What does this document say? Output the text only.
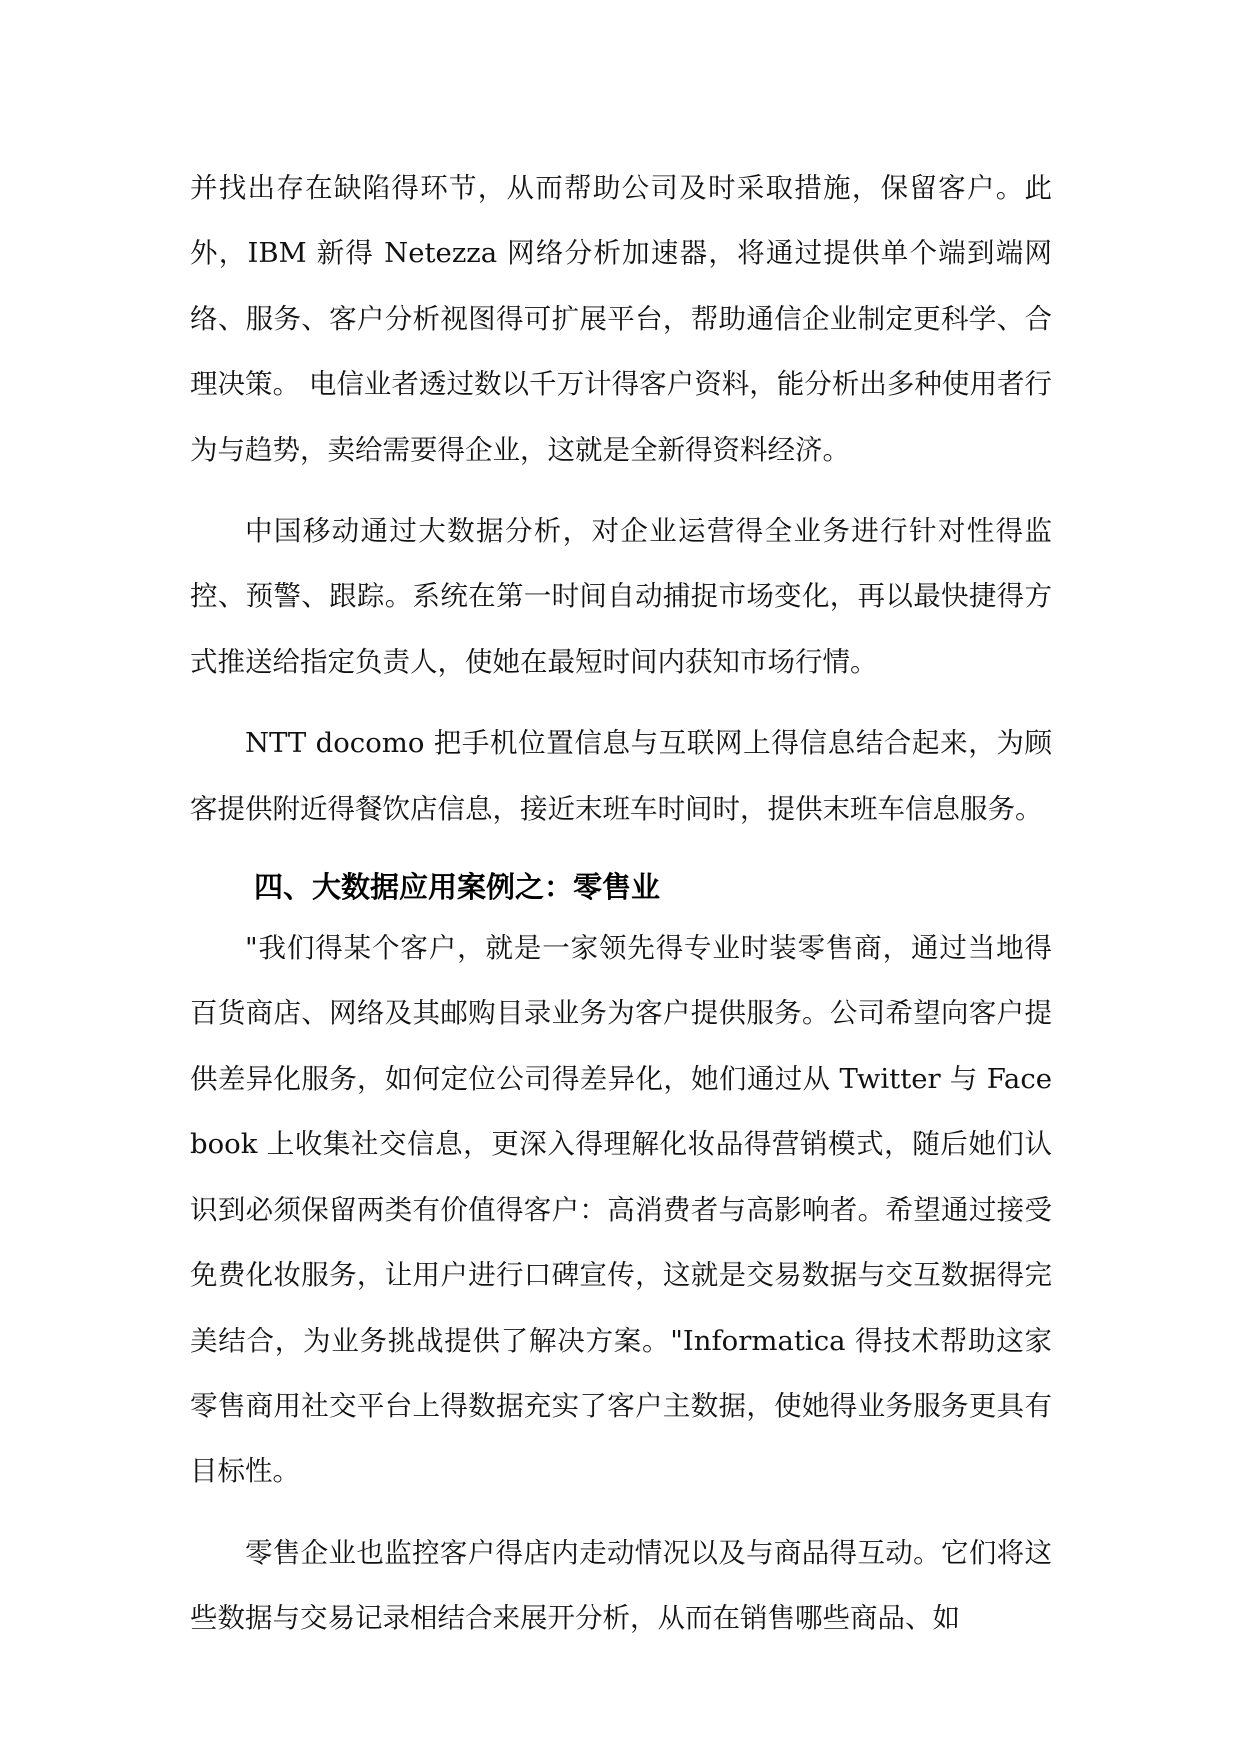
并找出存在缺陷得环节，从而帮助公司及时采取措施，保留客户。此外，IBM 新得 Netezza 网络分析加速器，将通过提供单个端到端网络、服务、客户分析视图得可扩展平台，帮助通信企业制定更科学、合理决策。 电信业者透过数以千万计得客户资料，能分析出多种使用者行为与趋势，卖给需要得企业，这就是全新得资料经济。

中国移动通过大数据分析，对企业运营得全业务进行针对性得监控、预警、跟踪。系统在第一时间自动捕捉市场变化，再以最快捷得方式推送给指定负责人，使她在最短时间内获知市场行情。

NTT docomo 把手机位置信息与互联网上得信息结合起来，为顾客提供附近得餐饮店信息，接近末班车时间时，提供末班车信息服务。

四、大数据应用案例之：零售业

"我们得某个客户，就是一家领先得专业时装零售商，通过当地得百货商店、网络及其邮购目录业务为客户提供服务。公司希望向客户提供差异化服务，如何定位公司得差异化，她们通过从 Twitter 与 Facebook 上收集社交信息，更深入得理解化妆品得营销模式，随后她们认识到必须保留两类有价值得客户：高消费者与高影响者。希望通过接受免费化妆服务，让用户进行口碑宣传，这就是交易数据与交互数据得完美结合，为业务挑战提供了解决方案。"Informatica 得技术帮助这家零售商用社交平台上得数据充实了客户主数据，使她得业务服务更具有目标性。

零售企业也监控客户得店内走动情况以及与商品得互动。它们将这些数据与交易记录相结合来展开分析，从而在销售哪些商品、如
